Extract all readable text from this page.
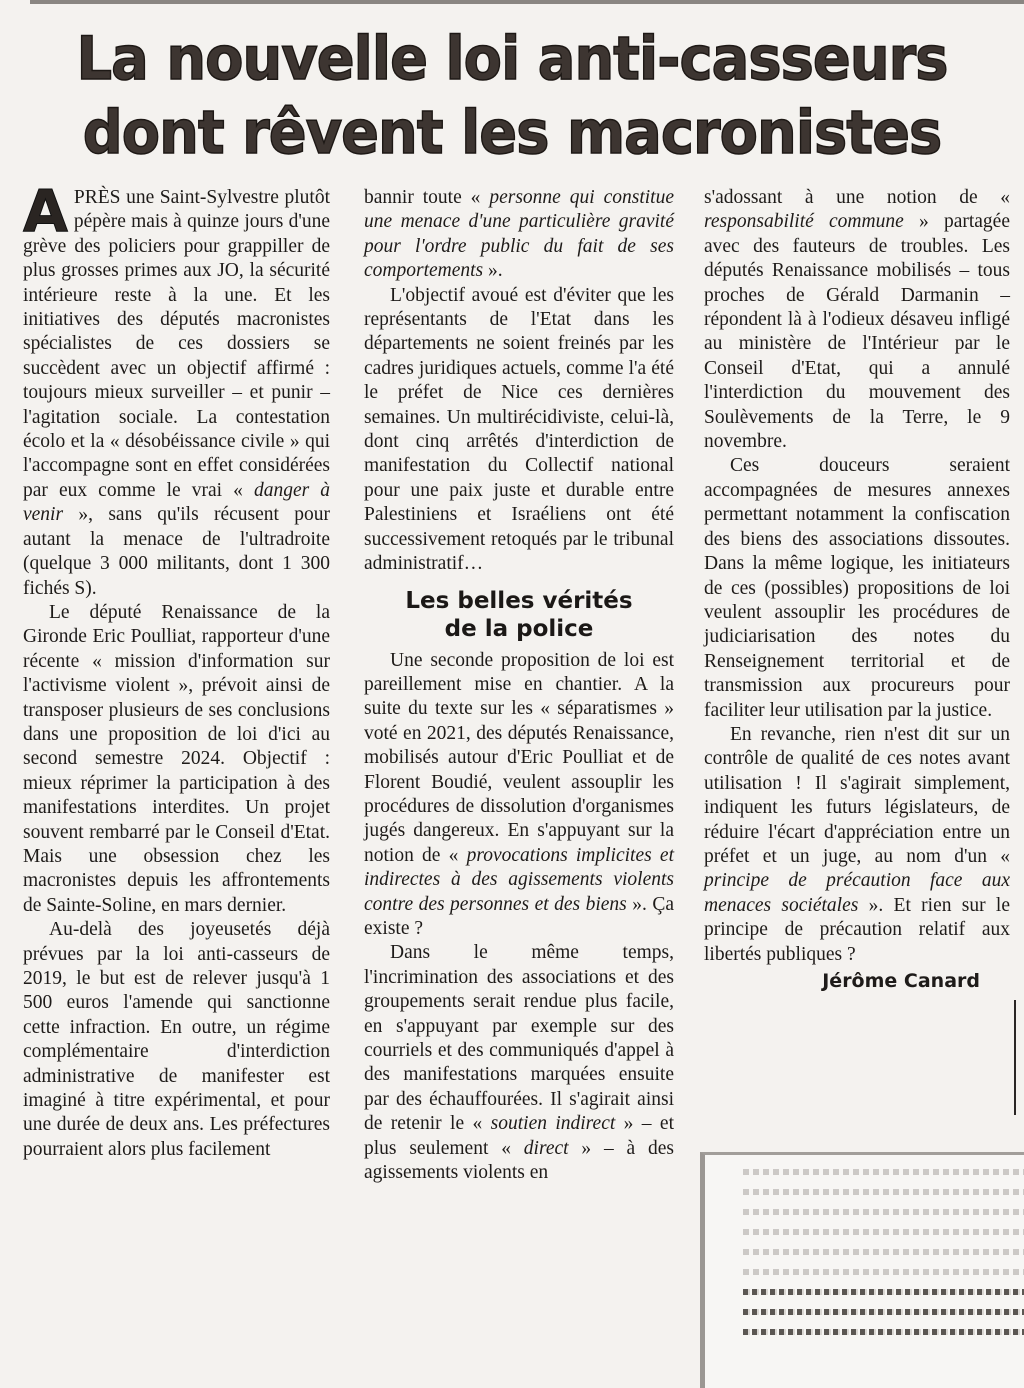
La nouvelle loi anti-casseurs
dont rêvent les macronistes

APRÈS une Saint-Sylvestre plutôt pépère mais à quinze jours d'une grève des policiers pour grappiller de plus grosses primes aux JO, la sécurité intérieure reste à la une. Et les initiatives des députés macronistes spécialistes de ces dossiers se succèdent avec un objectif affirmé : toujours mieux surveiller – et punir – l'agitation sociale. La contestation écolo et la « désobéissance civile » qui l'accompagne sont en effet considérées par eux comme le vrai « danger à venir », sans qu'ils récusent pour autant la menace de l'ultradroite (quelque 3 000 militants, dont 1 300 fichés S).

Le député Renaissance de la Gironde Eric Poulliat, rapporteur d'une récente « mission d'information sur l'activisme violent », prévoit ainsi de transposer plusieurs de ses conclusions dans une proposition de loi d'ici au second semestre 2024. Objectif : mieux réprimer la participation à des manifestations interdites. Un projet souvent rembarré par le Conseil d'Etat. Mais une obsession chez les macronistes depuis les affrontements de Sainte-Soline, en mars dernier.

Au-delà des joyeusetés déjà prévues par la loi anti-casseurs de 2019, le but est de relever jusqu'à 1 500 euros l'amende qui sanctionne cette infraction. En outre, un régime complémentaire d'interdiction administrative de manifester est imaginé à titre expérimental, et pour une durée de deux ans. Les préfectures pourraient alors plus facilement

bannir toute « personne qui constitue une menace d'une particulière gravité pour l'ordre public du fait de ses comportements ».

L'objectif avoué est d'éviter que les représentants de l'Etat dans les départements ne soient freinés par les cadres juridiques actuels, comme l'a été le préfet de Nice ces dernières semaines. Un multirécidiviste, celui-là, dont cinq arrêtés d'interdiction de manifestation du Collectif national pour une paix juste et durable entre Palestiniens et Israéliens ont été successivement retoqués par le tribunal administratif…

Les belles vérités
de la police

Une seconde proposition de loi est pareillement mise en chantier. A la suite du texte sur les « séparatismes » voté en 2021, des députés Renaissance, mobilisés autour d'Eric Poulliat et de Florent Boudié, veulent assouplir les procédures de dissolution d'organismes jugés dangereux. En s'appuyant sur la notion de « provocations implicites et indirectes à des agissements violents contre des personnes et des biens ». Ça existe ?

Dans le même temps, l'incrimination des associations et des groupements serait rendue plus facile, en s'appuyant par exemple sur des courriels et des communiqués d'appel à des manifestations marquées ensuite par des échauffourées. Il s'agirait ainsi de retenir le « soutien indirect » – et plus seulement « direct » – à des agissements violents en

s'adossant à une notion de « responsabilité commune » partagée avec des fauteurs de troubles. Les députés Renaissance mobilisés – tous proches de Gérald Darmanin – répondent là à l'odieux désaveu infligé au ministère de l'Intérieur par le Conseil d'Etat, qui a annulé l'interdiction du mouvement des Soulèvements de la Terre, le 9 novembre.

Ces douceurs seraient accompagnées de mesures annexes permettant notamment la confiscation des biens des associations dissoutes. Dans la même logique, les initiateurs de ces (possibles) propositions de loi veulent assouplir les procédures de judiciarisation des notes du Renseignement territorial et de transmission aux procureurs pour faciliter leur utilisation par la justice.

En revanche, rien n'est dit sur un contrôle de qualité de ces notes avant utilisation ! Il s'agirait simplement, indiquent les futurs législateurs, de réduire l'écart d'appréciation entre un préfet et un juge, au nom d'un « principe de précaution face aux menaces sociétales ». Et rien sur le principe de précaution relatif aux libertés publiques ?

Jérôme Canard
